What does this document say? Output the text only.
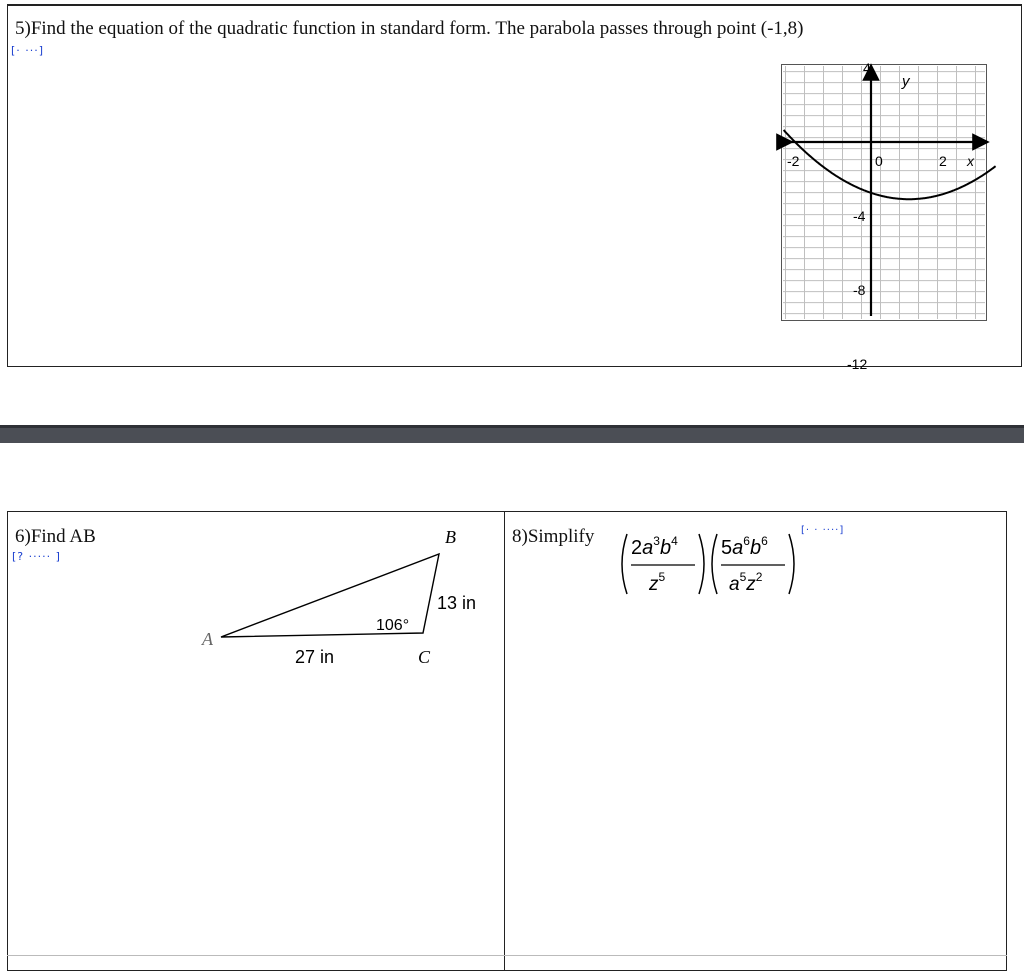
5)Find the equation of the quadratic function in standard form. The parabola passes through point (-1,8)
[· ···]
-2	0	2
4
-4
-8
-12
x
y
6)Find AB
[? ····· ]
A
B
C
27 in
13 in
106°
8)Simplify	[· · ····]
$2a^3b^4$
$z^5$
$5a^6b^6$
$a^5z^2$
